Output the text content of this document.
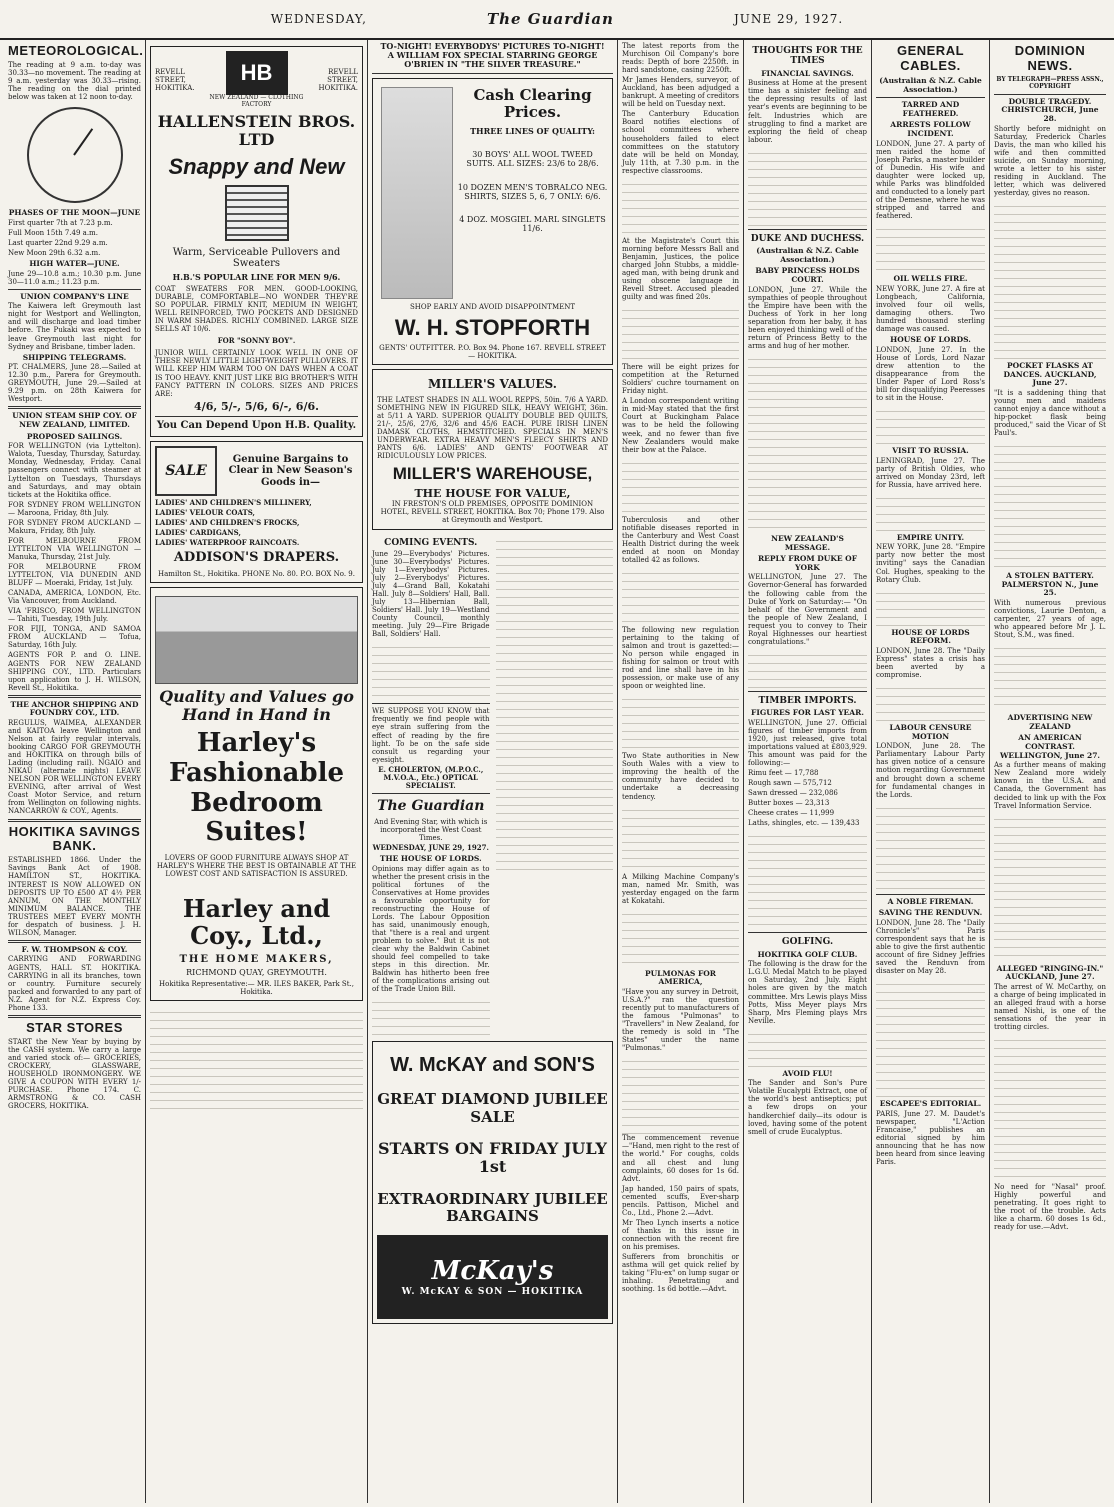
WEDNESDAY,	The Guardian	JUNE 29, 1927.
METEOROLOGICAL.

The reading at 9 a.m. to-day was 30.33—no movement. The reading at 9 a.m. yesterday was 30.33—rising. The reading on the dial printed below was taken at 12 noon to-day.

PHASES OF THE MOON—JUNE

First quarter 7th at 7.23 p.m.

Full Moon 15th 7.49 a.m.

Last quarter 22nd 9.29 a.m.

New Moon 29th 6.32 a.m.

HIGH WATER—JUNE.

June 29—10.8 a.m.; 10.30 p.m. June 30—11.0 a.m.; 11.23 p.m.

UNION COMPANY'S LINE

The Kaiwera left Greymouth last night for Westport and Wellington, and will discharge and load timber before. The Pukaki was expected to leave Greymouth last night for Sydney and Brisbane, timber laden.

SHIPPING TELEGRAMS.

PT. CHALMERS, June 28.—Sailed at 12.30 p.m., Parera for Greymouth. GREYMOUTH, June 29.—Sailed at 9.29 p.m. on 28th Kaiwera for Westport.

UNION STEAM SHIP COY. OF NEW ZEALAND, LIMITED.
PROPOSED SAILINGS.

FOR WELLINGTON (via Lyttelton). Walota, Tuesday, Thursday, Saturday. Monday, Wednesday, Friday. Canal passengers connect with steamer at Lyttelton on Tuesdays, Thursdays and Saturdays, and may obtain tickets at the Hokitika office.

FOR SYDNEY FROM WELLINGTON — Maroona, Friday, 8th July.

FOR SYDNEY FROM AUCKLAND — Makura, Friday, 8th July.

FOR MELBOURNE FROM LYTTELTON VIA WELLINGTON — Manuka, Thursday, 21st July.

FOR MELBOURNE FROM LYTTELTON, VIA DUNEDIN AND BLUFF — Moeraki, Friday, 1st July.

CANADA, AMERICA, LONDON, Etc. Via Vancouver, from Auckland.

VIA 'FRISCO, FROM WELLINGTON — Tahiti, Tuesday, 19th July.

FOR FIJI, TONGA, AND SAMOA FROM AUCKLAND — Tofua, Saturday, 16th July.

AGENTS FOR P. and O. LINE. AGENTS FOR NEW ZEALAND SHIPPING COY., LTD. Particulars upon application to J. H. WILSON, Revell St., Hokitika.

THE ANCHOR SHIPPING AND FOUNDRY COY., LTD.

REGULUS, WAIMEA, ALEXANDER and KAITOA leave Wellington and Nelson at fairly regular intervals, booking CARGO FOR GREYMOUTH and HOKITIKA on through bills of Lading (including rail). NGAIO and NIKAU (alternate nights) LEAVE NELSON FOR WELLINGTON EVERY EVENING, after arrival of West Coast Motor Service, and return from Wellington on following nights. NANCARROW & COY., Agents.

HOKITIKA SAVINGS BANK.

ESTABLISHED 1866. Under the Savings Bank Act of 1908. HAMILTON ST., HOKITIKA. INTEREST IS NOW ALLOWED ON DEPOSITS UP TO £500 AT 4½ PER ANNUM, ON THE MONTHLY MINIMUM BALANCE. THE TRUSTEES MEET EVERY MONTH for despatch of business. J. H. WILSON, Manager.

F. W. THOMPSON & COY.

CARRYING AND FORWARDING AGENTS, HALL ST. HOKITIKA. CARRYING in all its branches, town or country. Furniture securely packed and forwarded to any part of N.Z. Agent for N.Z. Express Coy. Phone 133.

STAR STORES

START the New Year by buying by the CASH system. We carry a large and varied stock of:— GROCERIES, CROCKERY, GLASSWARE, HOUSEHOLD IRONMONGERY. WE GIVE A COUPON WITH EVERY 1/-PURCHASE. Phone 174. C. ARMSTRONG & CO. CASH GROCERS, HOKITIKA.

REVELL STREET, HOKITIKA.
HB
NEW ZEALAND — CLOTHING FACTORY
REVELL STREET, HOKITIKA.
HALLENSTEIN BROS. LTD
Snappy and New
Warm, Serviceable Pullovers and Sweaters
H.B.'S POPULAR LINE FOR MEN 9/6.

COAT SWEATERS FOR MEN. GOOD-LOOKING, DURABLE, COMFORTABLE—NO WONDER THEY'RE SO POPULAR. FIRMLY KNIT, MEDIUM IN WEIGHT, WELL REINFORCED, TWO POCKETS AND DESIGNED IN WARM SHADES. RICHLY COMBINED. LARGE SIZE SELLS AT 10/6.

FOR "SONNY BOY".

JUNIOR WILL CERTAINLY LOOK WELL IN ONE OF THESE NEWLY LITTLE LIGHT-WEIGHT PULLOVERS. IT WILL KEEP HIM WARM TOO ON DAYS WHEN A COAT IS TOO HEAVY. KNIT JUST LIKE BIG BROTHER'S WITH FANCY PATTERN IN COLORS. SIZES AND PRICES ARE:

4/6, 5/-, 5/6, 6/-, 6/6.
You Can Depend Upon H.B. Quality.
SALE
Genuine Bargains to Clear in New Season's Goods in—

LADIES' AND CHILDREN'S MILLINERY,

LADIES' VELOUR COATS,

LADIES' AND CHILDREN'S FROCKS,

LADIES' CARDIGANS,

LADIES' WATERPROOF RAINCOATS.

ADDISON'S DRAPERS.
Hamilton St., Hokitika. PHONE No. 80. P.O. BOX No. 9.
Quality and Values go Hand in Hand in
Harley's Fashionable Bedroom Suites!

LOVERS OF GOOD FURNITURE ALWAYS SHOP AT HARLEY'S WHERE THE BEST IS OBTAINABLE AT THE LOWEST COST AND SATISFACTION IS ASSURED.

Harley and Coy., Ltd.,
THE HOME MAKERS,
RICHMOND QUAY, GREYMOUTH.
Hokitika Representative:— MR. ILES BAKER, Park St., Hokitika.
TO-NIGHT! EVERYBODYS' PICTURES TO-NIGHT!
A WILLIAM FOX SPECIAL STARRING GEORGE O'BRIEN IN "THE SILVER TREASURE."
Cash Clearing Prices.
THREE LINES OF QUALITY:
30 BOYS' ALL WOOL TWEED SUITS. ALL SIZES: 23/6 to 28/6.
10 DOZEN MEN'S TOBRALCO NEG. SHIRTS, SIZES 5, 6, 7 ONLY: 6/6.
4 DOZ. MOSGIEL MARL SINGLETS 11/6.
SHOP EARLY AND AVOID DISAPPOINTMENT
W. H. STOPFORTH
GENTS' OUTFITTER. P.O. Box 94. Phone 167. REVELL STREET — HOKITIKA.
MILLER'S VALUES.

THE LATEST SHADES IN ALL WOOL REPPS, 50in. 7/6 A YARD. SOMETHING NEW IN FIGURED SILK, HEAVY WEIGHT, 36in. at 5/11 A YARD. SUPERIOR QUALITY DOUBLE BED QUILTS, 21/-, 25/6, 27/6, 32/6 and 45/6 EACH. PURE IRISH LINEN DAMASK CLOTHS, HEMSTITCHED. SPECIALS IN MEN'S UNDERWEAR. EXTRA HEAVY MEN'S FLEECY SHIRTS AND PANTS 6/6. LADIES' AND GENTS' FOOTWEAR AT RIDICULOUSLY LOW PRICES.

MILLER'S WAREHOUSE,
THE HOUSE FOR VALUE,
IN FRESTON'S OLD PREMISES, OPPOSITE DOMINION HOTEL, REVELL STREET, HOKITIKA. Box 70; Phone 179. Also at Greymouth and Westport.
COMING EVENTS.

June 29—Everybodys' Pictures. June 30—Everybodys' Pictures. July 1—Everybodys' Pictures. July 2—Everybodys' Pictures. July 4—Grand Ball, Kokatahi Hall. July 8—Soldiers' Hall, Ball. July 13—Hibernian Ball, Soldiers' Hall. July 19—Westland County Council, monthly meeting. July 29—Fire Brigade Ball, Soldiers' Hall.

WE SUPPOSE YOU KNOW that frequently we find people with eye strain suffering from the effect of reading by the fire light. To be on the safe side consult us regarding your eyesight.

E. CHOLERTON, (M.P.O.C., M.V.O.A., Etc.) OPTICAL SPECIALIST.
The Guardian
And Evening Star, with which is incorporated the West Coast Times.
WEDNESDAY, JUNE 29, 1927.
THE HOUSE OF LORDS.

Opinions may differ again as to whether the present crisis in the political fortunes of the Conservatives at Home provides a favourable opportunity for reconstructing the House of Lords. The Labour Opposition has said, unanimously enough, that "there is a real and urgent problem to solve." But it is not clear why the Baldwin Cabinet should feel compelled to take steps in this direction. Mr. Baldwin has hitherto been free of the complications arising out of the Trade Union Bill.

W. McKAY and SON'S
GREAT DIAMOND JUBILEE SALE
STARTS ON FRIDAY JULY 1st
EXTRAORDINARY JUBILEE BARGAINS
McKay's
W. McKAY & SON — HOKITIKA

The latest reports from the Murchison Oil Company's bore reads: Depth of bore 2250ft. in hard sandstone, casing 2250ft.

Mr James Henders, surveyor, of Auckland, has been adjudged a bankrupt. A meeting of creditors will be held on Tuesday next.

The Canterbury Education Board notifies elections of school committees where householders failed to elect committees on the statutory date will be held on Monday, July 11th, at 7.30 p.m. in the respective classrooms.

At the Magistrate's Court this morning before Messrs Ball and Benjamin, Justices, the police charged John Stubbs, a middle-aged man, with being drunk and using obscene language in Revell Street. Accused pleaded guilty and was fined 20s.

There will be eight prizes for competition at the Returned Soldiers' cuchre tournament on Friday night.

A London correspondent writing in mid-May stated that the first Court at Buckingham Palace was to be held the following week, and no fewer than five New Zealanders would make their bow at the Palace.

Tuberculosis and other notifiable diseases reported in the Canterbury and West Coast Health District during the week ended at noon on Monday totalled 42 as follows.

The following new regulation pertaining to the taking of salmon and trout is gazetted:—No person while engaged in fishing for salmon or trout with rod and line shall have in his possession, or make use of any spoon or weighted line.

Two State authorities in New South Wales with a view to improving the health of the community have decided to undertake a decreasing tendency.

A Milking Machine Company's man, named Mr. Smith, was yesterday engaged on the farm at Kokatahi.

PULMONAS FOR AMERICA,

"Have you any survey in Detroit, U.S.A.?" ran the question recently put to manufacturers of the famous "Pulmonas" to "Travellers" in New Zealand, for the remedy is sold in "The States" under the name "Pulmonas."

The commencement revenue—"Hand, men right to the rest of the world." For coughs, colds and all chest and lung complaints, 60 doses for 1s 6d. Advt.

Jap handed, 150 pairs of spats, cemented scuffs, Ever-sharp pencils. Pattison, Michel and Co., Ltd., Phone 2.—Advt.

Mr Theo Lynch inserts a notice of thanks in this issue in connection with the recent fire on his premises.

Sufferers from bronchitis or asthma will get quick relief by taking "Flu-ex" on lump sugar or inhaling. Penetrating and soothing. 1s 6d bottle.—Advt.

THOUGHTS FOR THE TIMES
FINANCIAL SAVINGS.

Business at Home at the present time has a sinister feeling and the depressing results of last year's events are beginning to be felt. Industries which are struggling to find a market are exploring the field of cheap labour.

DUKE AND DUCHESS.
(Australian & N.Z. Cable Association.)
BABY PRINCESS HOLDS COURT.

LONDON, June 27. While the sympathies of people throughout the Empire have been with the Duchess of York in her long separation from her baby, it has been enjoyed thinking well of the return of Princess Betty to the arms and hug of her mother.

NEW ZEALAND'S MESSAGE.
REPLY FROM DUKE OF YORK

WELLINGTON, June 27. The Governor-General has forwarded the following cable from the Duke of York on Saturday:— "On behalf of the Government and the people of New Zealand, I request you to convey to Their Royal Highnesses our heartiest congratulations."

TIMBER IMPORTS.
FIGURES FOR LAST YEAR.

WELLINGTON, June 27. Official figures of timber imports from 1920, just released, give total importations valued at £803,929. This amount was paid for the following:—

Rimu feet — 17,788

Rough sawn — 575,712

Sawn dressed — 232,086

Butter boxes — 23,313

Cheese crates — 11,999

Laths, shingles, etc. — 139,433

GOLFING.
HOKITIKA GOLF CLUB.

The following is the draw for the L.G.U. Medal Match to be played on Saturday, 2nd July. Eight holes are given by the match committee. Mrs Lewis plays Miss Potts, Miss Meyer plays Mrs Sharp, Mrs Fleming plays Mrs Neville.

AVOID FLU!

The Sander and Son's Pure Volatile Eucalypti Extract, one of the world's best antiseptics; put a few drops on your handkerchief daily—its odour is loved, having some of the potent smell of crude Eucalyptus.

GENERAL CABLES.
(Australian & N.Z. Cable Association.)
TARRED AND FEATHERED.
ARRESTS FOLLOW INCIDENT.

LONDON, June 27. A party of men raided the home of Joseph Parks, a master builder of Dunedin. His wife and daughter were locked up, while Parks was blindfolded and conducted to a lonely part of the Demesne, where he was stripped and tarred and feathered.

OIL WELLS FIRE.

NEW YORK, June 27. A fire at Longbeach, California, involved four oil wells, damaging others. Two hundred thousand sterling damage was caused.

HOUSE OF LORDS.

LONDON, June 27. In the House of Lords, Lord Nazar drew attention to the disappearance from the Under Paper of Lord Ross's bill for disqualifying Peeresses to sit in the House.

VISIT TO RUSSIA.

LENINGRAD, June 27. The party of British Oldies, who arrived on Monday 23rd, left for Russia, have arrived here.

EMPIRE UNITY.

NEW YORK, June 28. "Empire party now better the most inviting" says the Canadian Col. Hughes, speaking to the Rotary Club.

HOUSE OF LORDS REFORM.

LONDON, June 28. The "Daily Express" states a crisis has been averted by a compromise.

LABOUR CENSURE MOTION

LONDON, June 28. The Parliamentary Labour Party has given notice of a censure motion regarding Government and brought down a scheme for fundamental changes in the Lords.

A NOBLE FIREMAN.
SAVING THE RENDUVN.

LONDON, June 28. The "Daily Chronicle's" Paris correspondent says that he is able to give the first authentic account of fire Sidney Jeffries saved the Renduvn from disaster on May 28.

ESCAPEE'S EDITORIAL.

PARIS, June 27. M. Daudet's newspaper, "L'Action Francaise," publishes an editorial signed by him announcing that he has now been heard from since leaving Paris.

DOMINION NEWS.
BY TELEGRAPH—PRESS ASSN., COPYRIGHT
DOUBLE TRAGEDY. CHRISTCHURCH, June 28.

Shortly before midnight on Saturday, Frederick Charles Davis, the man who killed his wife and then committed suicide, on Sunday morning, wrote a letter to his sister residing in Auckland. The letter, which was delivered yesterday, gives no reason.

POCKET FLASKS AT DANCES. AUCKLAND, June 27.

"It is a saddening thing that young men and maidens cannot enjoy a dance without a hip-pocket flask being produced," said the Vicar of St Paul's.

A STOLEN BATTERY. PALMERSTON N., June 25.

With numerous previous convictions, Laurie Denton, a carpenter, 27 years of age, who appeared before Mr J. L. Stout, S.M., was fined.

ADVERTISING NEW ZEALAND
AN AMERICAN CONTRAST. WELLINGTON, June 27.

As a further means of making New Zealand more widely known in the U.S.A. and Canada, the Government has decided to link up with the Fox Travel Information Service.

ALLEGED "RINGING-IN." AUCKLAND, June 27.

The arrest of W. McCarthy, on a charge of being implicated in an alleged fraud with a horse named Nishi, is one of the sensations of the year in trotting circles.

No need for "Nasal" proof. Highly powerful and penetrating. It goes right to the root of the trouble. Acts like a charm. 60 doses 1s 6d., ready for use.—Advt.
